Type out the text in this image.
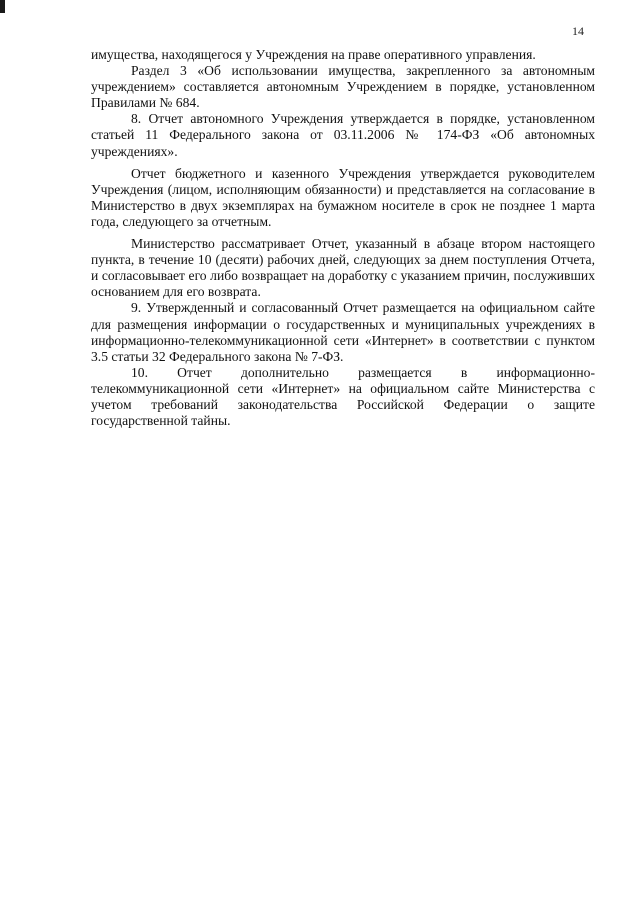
14

имущества, находящегося у Учреждения на праве оперативного управления.

Раздел 3 «Об использовании имущества, закрепленного за автономным учреждением» составляется автономным Учреждением в порядке, установленном Правилами № 684.

8. Отчет автономного Учреждения утверждается в порядке, установленном статьей 11 Федерального закона от 03.11.2006 № 174-ФЗ «Об автономных учреждениях».

Отчет бюджетного и казенного Учреждения утверждается руководителем Учреждения (лицом, исполняющим обязанности) и представляется на согласование в Министерство в двух экземплярах на бумажном носителе в срок не позднее 1 марта года, следующего за отчетным.

Министерство рассматривает Отчет, указанный в абзаце втором настоящего пункта, в течение 10 (десяти) рабочих дней, следующих за днем поступления Отчета, и согласовывает его либо возвращает на доработку с указанием причин, послуживших основанием для его возврата.

9. Утвержденный и согласованный Отчет размещается на официальном сайте для размещения информации о государственных и муниципальных учреждениях в информационно-телекоммуникационной сети «Интернет» в соответствии с пунктом 3.5 статьи 32 Федерального закона № 7-ФЗ.

10. Отчет дополнительно размещается в информационно-телекоммуникационной сети «Интернет» на официальном сайте Министерства с учетом требований законодательства Российской Федерации о защите государственной тайны.
